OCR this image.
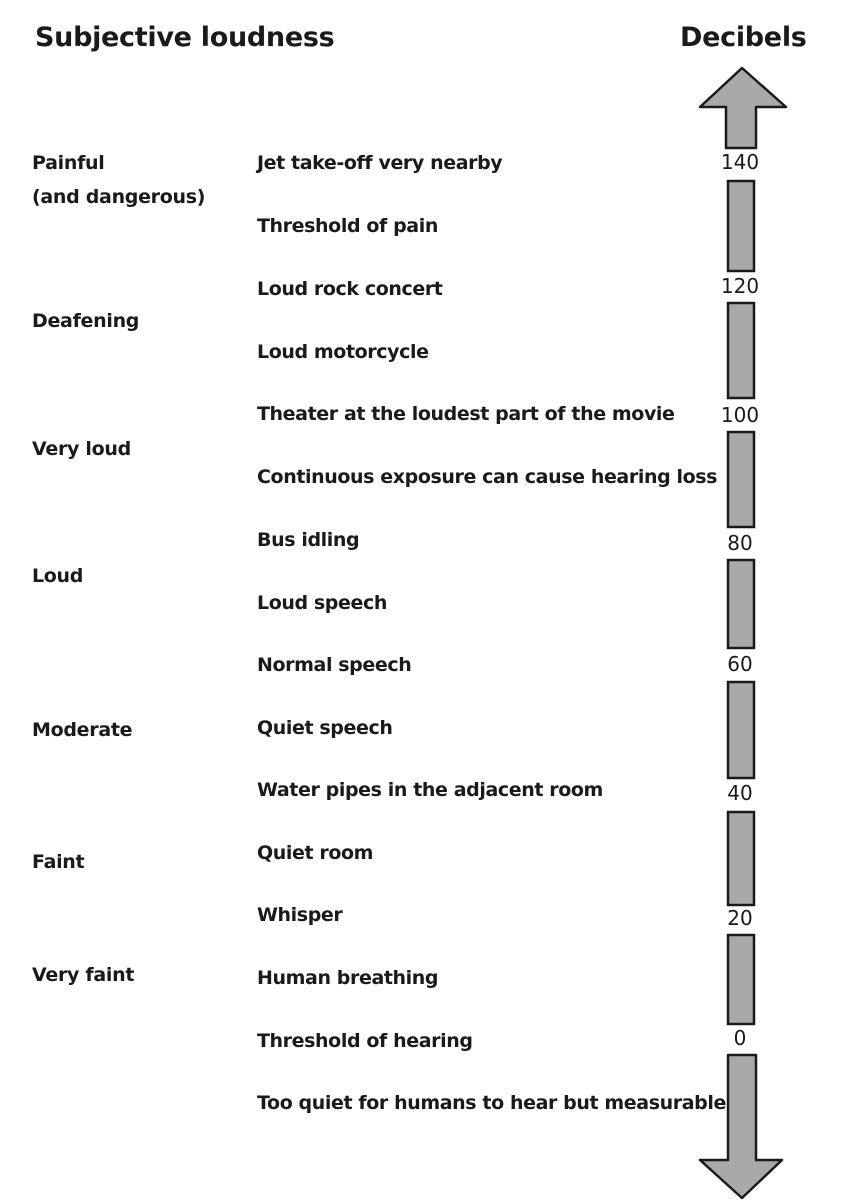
Subjective loudness	Decibels
Painful
(and dangerous)
Deafening
Very loud
Loud
Moderate
Faint
Very faint
Jet take-off very nearby
Threshold of pain
Loud rock concert
Loud motorcycle
Theater at the loudest part of the movie
Continuous exposure can cause hearing loss
Bus idling
Loud speech
Normal speech
Quiet speech
Water pipes in the adjacent room
Quiet room
Whisper
Human breathing
Threshold of hearing
Too quiet for humans to hear but measurable
140
120
100
80
60
40
20
0
